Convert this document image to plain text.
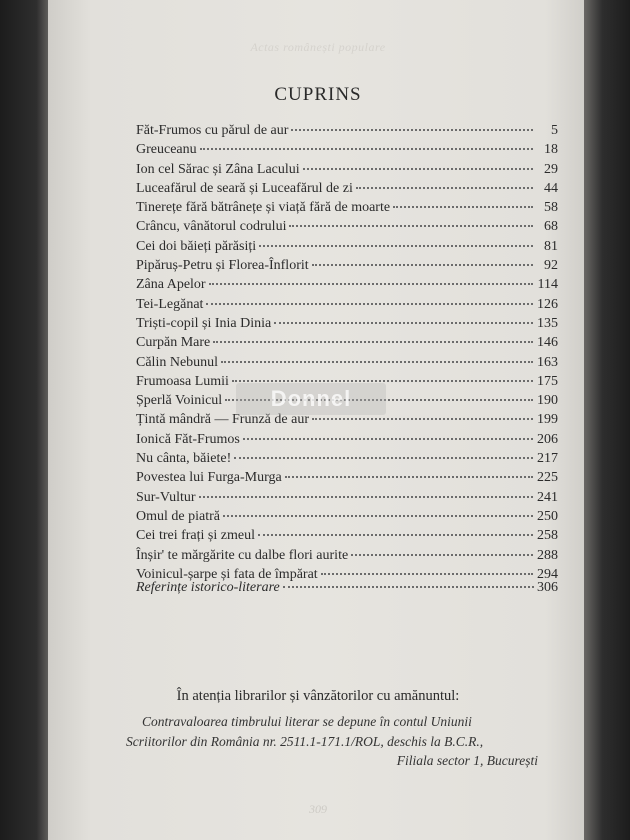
Actas românești populare
CUPRINS
Făt-Frumos cu părul de aur	5
Greuceanu	18
Ion cel Sărac și Zâna Lacului	29
Luceafărul de seară și Luceafărul de zi	44
Tinerețe fără bătrânețe și viață fără de moarte	58
Crâncu, vânătorul codrului	68
Cei doi băieți părăsiți	81
Pipăruș-Petru și Florea-Înflorit	92
Zâna Apelor	114
Tei-Legănat	126
Triști-copil și Inia Dinia	135
Curpăn Mare	146
Călin Nebunul	163
Frumoasa Lumii	175
Șperlă Voinicul	190
Țintă mândră — Frunză de aur	199
Ionică Făt-Frumos	206
Nu cânta, băiete!	217
Povestea lui Furga-Murga	225
Sur-Vultur	241
Omul de piatră	250
Cei trei frați și zmeul	258
Înșir' te mărgărite cu dalbe flori aurite	288
Voinicul-șarpe și fata de împărat	294
Referințe istorico-literare	306
În atenția librarilor și vânzătorilor cu amănuntul:
Contravaloarea timbrului literar se depune în contul Uniunii
Scriitorilor din România nr. 2511.1-171.1/ROL, deschis la B.C.R.,
Filiala sector 1, București
309
Donnel
